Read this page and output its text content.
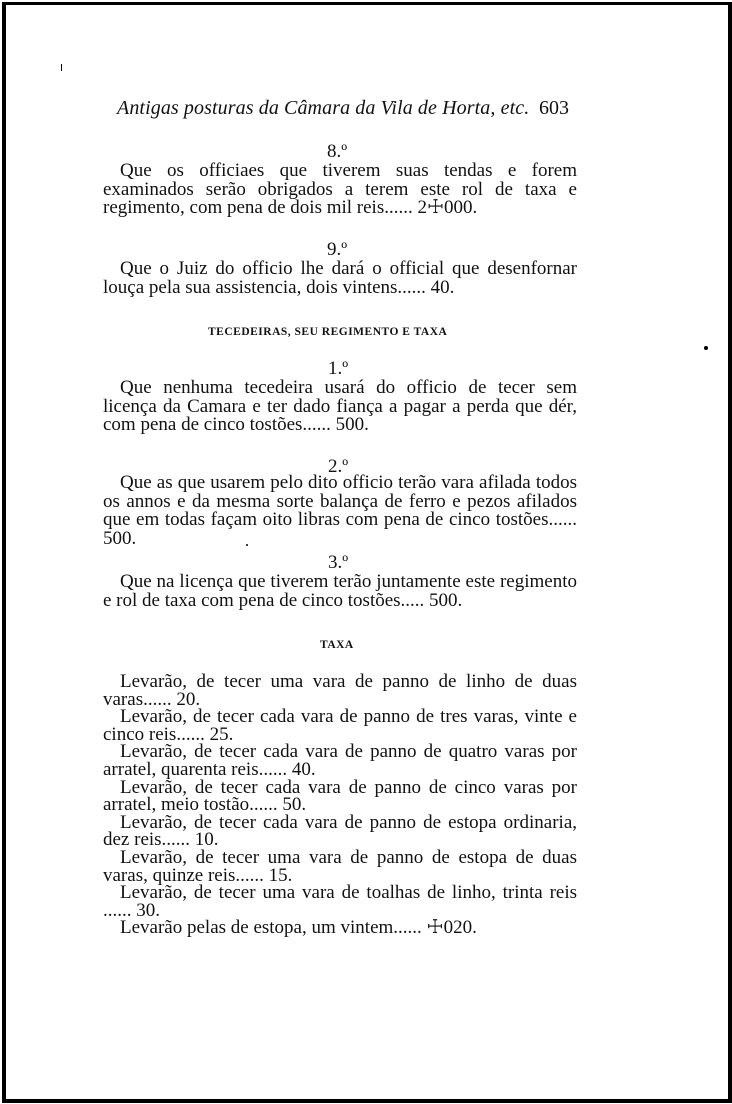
Antigas posturas da Câmara da Vila de Horta, etc. 603
8.º
Que os officiaes que tiverem suas tendas e forem examinados serão obrigados a terem este rol de taxa e regimento, com pena de dois mil reis...... 2☩000.
9.º
Que o Juiz do officio lhe dará o official que desenfornar louça pela sua assistencia, dois vintens...... 40.
TECEDEIRAS, SEU REGIMENTO E TAXA
1.º
Que nenhuma tecedeira usará do officio de tecer sem licença da Camara e ter dado fiança a pagar a perda que dér, com pena de cinco tostões...... 500.
2.º
Que as que usarem pelo dito officio terão vara afilada todos os annos e da mesma sorte balança de ferro e pezos afilados que em todas façam oito libras com pena de cinco tostões...... 500.
3.º
Que na licença que tiverem terão juntamente este regimento e rol de taxa com pena de cinco tostões..... 500.
TAXA
Levarão, de tecer uma vara de panno de linho de duas varas...... 20.
Levarão, de tecer cada vara de panno de tres varas, vinte e cinco reis...... 25.
Levarão, de tecer cada vara de panno de quatro varas por arratel, quarenta reis...... 40.
Levarão, de tecer cada vara de panno de cinco varas por arratel, meio tostão...... 50.
Levarão, de tecer cada vara de panno de estopa ordinaria, dez reis...... 10.
Levarão, de tecer uma vara de panno de estopa de duas varas, quinze reis...... 15.
Levarão, de tecer uma vara de toalhas de linho, trinta reis ...... 30.
Levarão pelas de estopa, um vintem...... ☩020.
